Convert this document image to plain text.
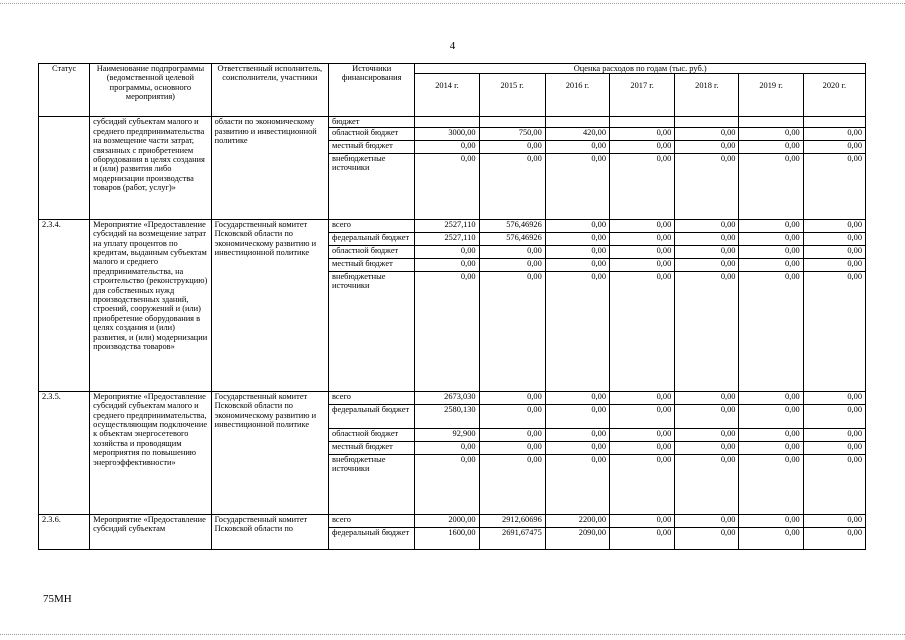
4
Статус	Наименование подпрограммы (ведомственной целевой программы, основного мероприятия)	Ответственный исполнитель, соисполнители, участники	Источники финансирования	Оценка расходов по годам (тыс. руб.)						
				2014 г.	2015 г.	2016 г.	2017 г.	2018 г.	2019 г.	2020 г.
	субсидий субъектам малого и среднего предпринимательства на возмещение части затрат, связанных с приобретением оборудования в целях создания и (или) развития либо модернизации производства товаров (работ, услуг)»	области по экономическому развитию и инвестиционной политике	бюджет							
			областной бюджет	3000,00	750,00	420,00	0,00	0,00	0,00	0,00
			местный бюджет	0,00	0,00	0,00	0,00	0,00	0,00	0,00
			внебюджетные источники	0,00	0,00	0,00	0,00	0,00	0,00	0,00
2.3.4.	Мероприятие «Предоставление субсидий на возмещение затрат на уплату процентов по кредитам, выданным субъектам малого и среднего предпринимательства, на строительство (реконструкцию) для собственных нужд производственных зданий, строений, сооружений и (или) приобретение оборудования в целях создания и (или) развития, и (или) модернизации производства товаров»	Государственный комитет Псковской области по экономическому развитию и инвестиционной политике	всего	2527,110	576,46926	0,00	0,00	0,00	0,00	0,00
			федеральный бюджет	2527,110	576,46926	0,00	0,00	0,00	0,00	0,00
			областной бюджет	0,00	0,00	0,00	0,00	0,00	0,00	0,00
			местный бюджет	0,00	0,00	0,00	0,00	0,00	0,00	0,00
			внебюджетные источники	0,00	0,00	0,00	0,00	0,00	0,00	0,00
2.3.5.	Мероприятие «Предоставление субсидий субъектам малого и среднего предпринимательства, осуществляющим подключение к объектам энергосетевого хозяйства и проводящим мероприятия по повышению энергоэффективности»	Государственный комитет Псковской области по экономическому развитию и инвестиционной политике	всего	2673,030	0,00	0,00	0,00	0,00	0,00	0,00
			федеральный бюджет	2580,130	0,00	0,00	0,00	0,00	0,00	0,00
			областной бюджет	92,900	0,00	0,00	0,00	0,00	0,00	0,00
			местный бюджет	0,00	0,00	0,00	0,00	0,00	0,00	0,00
			внебюджетные источники	0,00	0,00	0,00	0,00	0,00	0,00	0,00
2.3.6.	Мероприятие «Предоставление субсидий субъектам	Государственный комитет Псковской области по	всего	2000,00	2912,60696	2200,00	0,00	0,00	0,00	0,00
			федеральный бюджет	1600,00	2691,67475	2090,00	0,00	0,00	0,00	0,00
75МН
